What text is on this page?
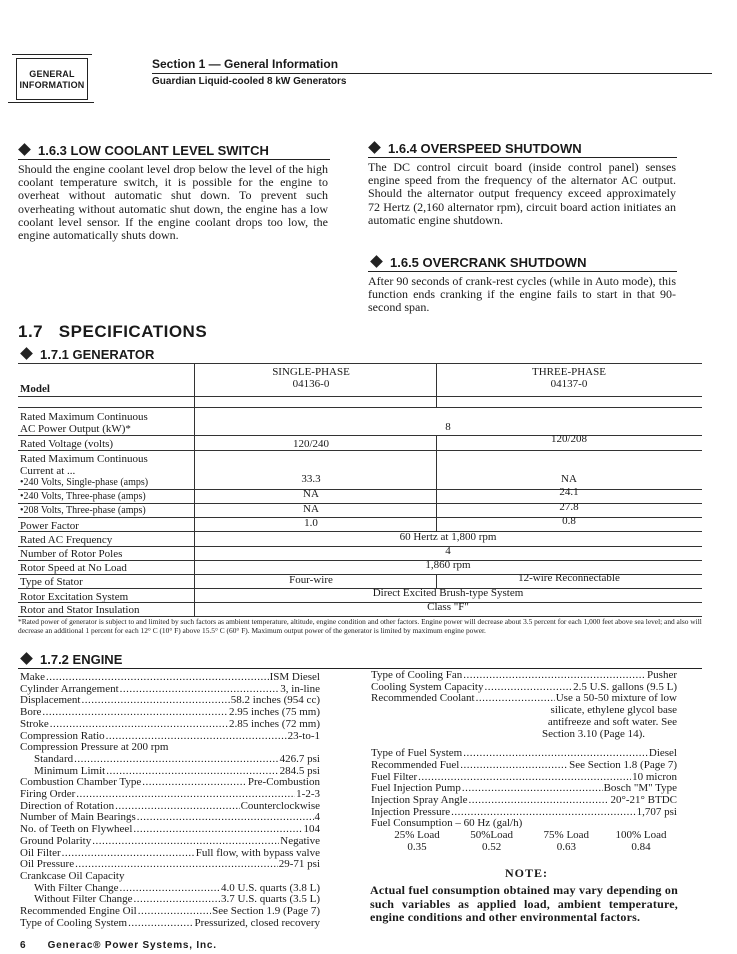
GENERAL INFORMATION
Section 1 — General Information
Guardian Liquid-cooled 8 kW Generators
1.6.3 LOW COOLANT LEVEL SWITCH
Should the engine coolant level drop below the level of the high coolant temperature switch, it is possible for the engine to overheat without automatic shut down. To prevent such overheating without automatic shut down, the engine has a low coolant level sensor. If the engine coolant drops too low, the engine automatically shuts down.
1.6.4 OVERSPEED SHUTDOWN
The DC control circuit board (inside control panel) senses engine speed from the frequency of the alternator AC output. Should the alternator output frequency exceed approximately 72 Hertz (2,160 alternator rpm), circuit board action initiates an automatic engine shutdown.
1.6.5 OVERCRANK SHUTDOWN
After 90 seconds of crank-rest cycles (while in Auto mode), this function ends cranking if the engine fails to start in that 90-second span.
1.7   SPECIFICATIONS
1.7.1 GENERATOR
SINGLE-PHASE	THREE-PHASE
Model	04136-0	04137-0
Rated Maximum Continuous
AC Power Output (kW)*	8
Rated Voltage (volts)	120/240	120/208
Rated Maximum Continuous
Current at ...
•240 Volts, Single-phase (amps)	33.3	NA
•240 Volts, Three-phase (amps)	NA	24.1
•208 Volts, Three-phase (amps)	NA	27.8
Power Factor	1.0	0.8
Rated AC Frequency	60 Hertz at 1,800 rpm
Number of Rotor Poles	4
Rotor Speed at No Load	1,860 rpm
Type of Stator	Four-wire	12-wire Reconnectable
Rotor Excitation System	Direct Excited Brush-type System
Rotor and Stator Insulation	Class "F"
*Rated power of generator is subject to and limited by such factors as ambient temperature, altitude, engine condition and other factors. Engine power will decrease about 3.5 percent for each 1,000 feet above sea level; and also will decrease an additional 1 percent for each 12° C (10° F) above 15.5° C (60° F). Maximum output power of the generator is limited by maximum engine power.
1.7.2 ENGINE
Make .....	ISM Diesel
Cylinder Arrangement .....	3, in-line
Displacement .....	58.2 inches (954 cc)
Bore .....	2.95 inches (75 mm)
Stroke .....	2.85 inches (72 mm)
Compression Ratio .....	23-to-1
Compression Pressure at 200 rpm
Standard .....	426.7 psi
Minimum Limit .....	284.5 psi
Combustion Chamber Type .....	Pre-Combustion
Firing Order .....	1-2-3
Direction of Rotation .....	Counterclockwise
Number of Main Bearings .....	4
No. of Teeth on Flywheel .....	104
Ground Polarity .....	Negative
Oil Filter .....	Full flow, with bypass valve
Oil Pressure .....	29-71 psi
Crankcase Oil Capacity
With Filter Change .....	4.0 U.S. quarts (3.8 L)
Without Filter Change .....	3.7 U.S. quarts (3.5 L)
Recommended Engine Oil .....	See Section 1.9 (Page 7)
Type of Cooling System .....	Pressurized, closed recovery
Type of Cooling Fan .....	Pusher
Cooling System Capacity .....	2.5 U.S. gallons (9.5 L)
Recommended Coolant .....	Use a 50-50 mixture of low
silicate, ethylene glycol base
antifreeze and soft water. See
Section 3.10 (Page 14).
Type of Fuel System .....	Diesel
Recommended Fuel .....	See Section 1.8 (Page 7)
Fuel Filter .....	10 micron
Fuel Injection Pump .....	Bosch "M" Type
Injection Spray Angle .....	20°-21° BTDC
Injection Pressure .....	1,707 psi
Fuel Consumption – 60 Hz (gal/h)
25% Load	50%Load	75% Load	100% Load
0.35	0.52	0.63	0.84
NOTE:
Actual fuel consumption obtained may vary depending on such variables as applied load, ambient temperature, engine conditions and other environmental factors.
6 Generac® Power Systems, Inc.
